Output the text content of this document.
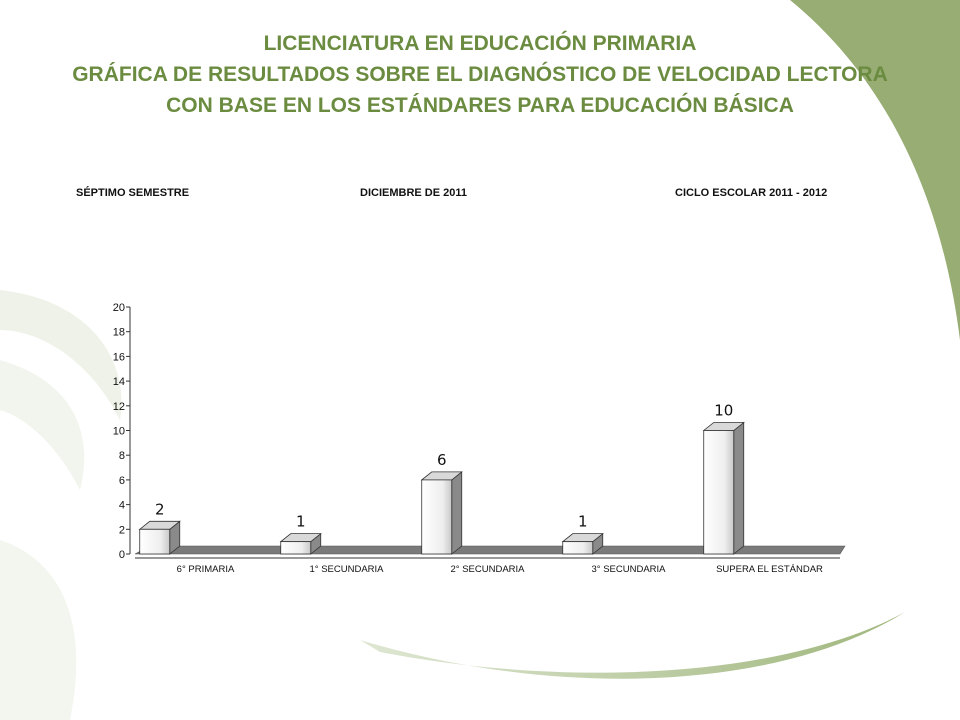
LICENCIATURA EN EDUCACIÓN PRIMARIA
GRÁFICA DE RESULTADOS SOBRE EL DIAGNÓSTICO DE VELOCIDAD LECTORA
CON BASE EN LOS ESTÁNDARES PARA EDUCACIÓN BÁSICA
SÉPTIMO SEMESTRE	DICIEMBRE DE 2011	CICLO ESCOLAR 2011 - 2012
0
2
4
6
8
10
12
14
16
18
20
2
6° PRIMARIA
1
1° SECUNDARIA
6
2° SECUNDARIA
1
3° SECUNDARIA
10
SUPERA EL ESTÁNDAR
